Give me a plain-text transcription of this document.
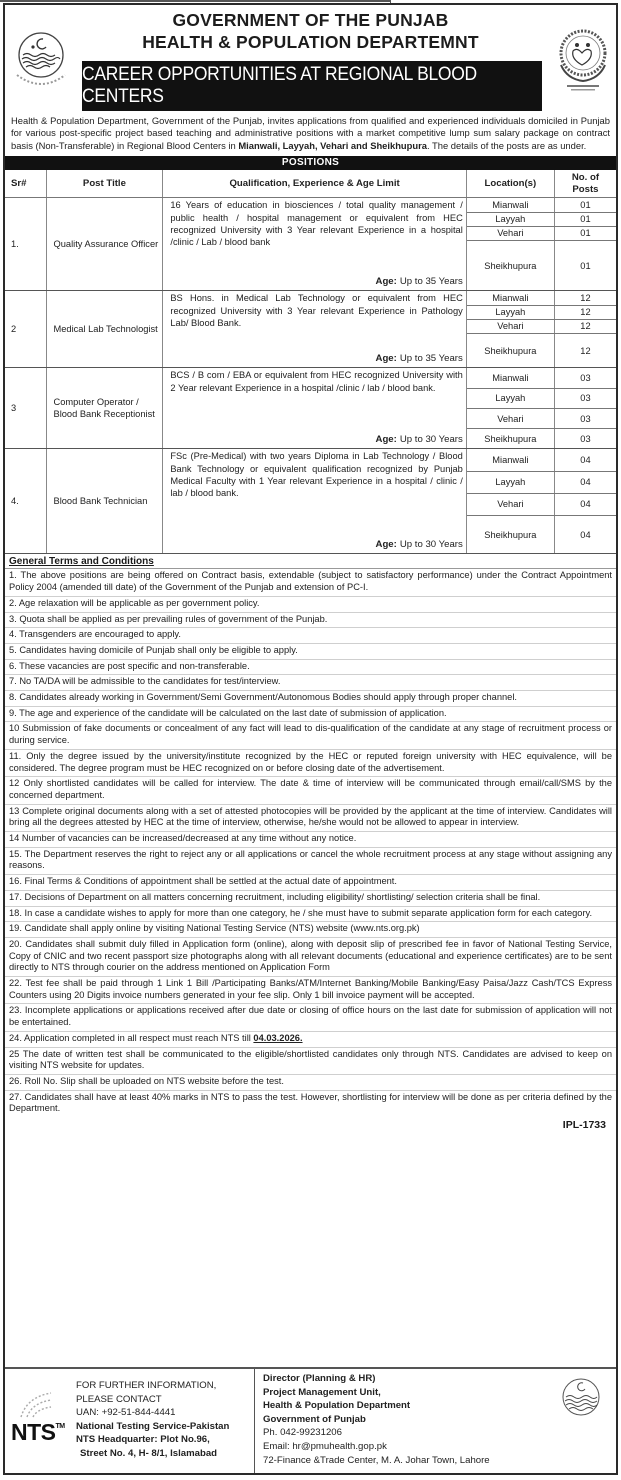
GOVERNMENT OF THE PUNJAB
HEALTH & POPULATION DEPARTEMNT
CAREER OPPORTUNITIES AT REGIONAL BLOOD CENTERS
Health & Population Department, Government of the Punjab, invites applications from qualified and experienced individuals domiciled in Punjab for various post-specific project based teaching and administrative positions with a market competitive lump sum salary package on contract basis (Non-Transferable) in Regional Blood Centers in Mianwali, Layyah, Vehari and Sheikhupura. The details of the posts are as under.
POSITIONS
Sr#	Post Title	Qualification, Experience & Age Limit	Location(s)	No. of Posts
1.	Quality Assurance Officer	16 Years of education in biosciences / total quality management / public health / hospital management or equivalent from HEC recognized University with 3 Year relevant Experience in a hospital /clinic / Lab / blood bank
Age: Up to 35 Years	Mianwali	01
			Layyah	01
			Vehari	01
			Sheikhupura	01
2	Medical Lab Technologist	BS Hons. in Medical Lab Technology or equivalent from HEC recognized University with 3 Year relevant Experience in Pathology Lab/ Blood Bank.
Age: Up to 35 Years	Mianwali	12
			Layyah	12
			Vehari	12
			Sheikhupura	12
3	Computer Operator / Blood Bank Receptionist	BCS / B com / EBA or equivalent from HEC recognized University with 2 Year relevant Experience in a hospital /clinic / lab / blood bank.
Age: Up to 30 Years	Mianwali	03
			Layyah	03
			Vehari	03
			Sheikhupura	03
4.	Blood Bank Technician	FSc (Pre-Medical) with two years Diploma in Lab Technology / Blood Bank Technology or equivalent qualification recognized by Punjab Medical Faculty with 1 Year relevant Experience in a hospital / clinic / lab / blood bank.
Age: Up to 30 Years	Mianwali	04
			Layyah	04
			Vehari	04
			Sheikhupura	04
General Terms and Conditions
1. The above positions are being offered on Contract basis, extendable (subject to satisfactory performance) under the Contract Appointment Policy 2004 (amended till date) of the Government of the Punjab and extension of PC-I.
2. Age relaxation will be applicable as per government policy.
3. Quota shall be applied as per prevailing rules of government of the Punjab.
4. Transgenders are encouraged to apply.
5. Candidates having domicile of Punjab shall only be eligible to apply.
6. These vacancies are post specific and non-transferable.
7. No TA/DA will be admissible to the candidates for test/interview.
8. Candidates already working in Government/Semi Government/Autonomous Bodies should apply through proper channel.
9. The age and experience of the candidate will be calculated on the last date of submission of application.
10 Submission of fake documents or concealment of any fact will lead to dis-qualification of the candidate at any stage of recruitment process or during service.
11. Only the degree issued by the university/institute recognized by the HEC or reputed foreign university with HEC equivalence, will be considered. The degree program must be HEC recognized on or before closing date of the advertisement.
12 Only shortlisted candidates will be called for interview. The date & time of interview will be communicated through email/call/SMS by the concerned department.
13 Complete original documents along with a set of attested photocopies will be provided by the applicant at the time of interview. Candidates will bring all the degrees attested by HEC at the time of interview, otherwise, he/she would not be allowed to appear in interview.
14 Number of vacancies can be increased/decreased at any time without any notice.
15. The Department reserves the right to reject any or all applications or cancel the whole recruitment process at any stage without assigning any reasons.
16. Final Terms & Conditions of appointment shall be settled at the actual date of appointment.
17. Decisions of Department on all matters concerning recruitment, including eligibility/ shortlisting/ selection criteria shall be final.
18. In case a candidate wishes to apply for more than one category, he / she must have to submit separate application form for each category.
19. Candidate shall apply online by visiting National Testing Service (NTS) website (www.nts.org.pk)
20. Candidates shall submit duly filled in Application form (online), along with deposit slip of prescribed fee in favor of National Testing Service, Copy of CNIC and two recent passport size photographs along with all relevant documents (educational and experience certificates) are to be sent directly to NTS through courier on the address mentioned on Application Form
22. Test fee shall be paid through 1 Link 1 Bill /Participating Banks/ATM/Internet Banking/Mobile Banking/Easy Paisa/Jazz Cash/TCS Express Counters using 20 Digits invoice numbers generated in your fee slip. Only 1 bill invoice payment will be accepted.
23. Incomplete applications or applications received after due date or closing of office hours on the last date for submission of application will not be entertained.
24. Application completed in all respect must reach NTS till 04.03.2026.
25 The date of written test shall be communicated to the eligible/shortlisted candidates only through NTS. Candidates are advised to keep on visiting NTS website for updates.
26. Roll No. Slip shall be uploaded on NTS website before the test.
27. Candidates shall have at least 40% marks in NTS to pass the test. However, shortlisting for interview will be done as per criteria defined by the Department.
IPL-1733
NTS™
FOR FURTHER INFORMATION,
PLEASE CONTACT
UAN: +92-51-844-4441
National Testing Service-Pakistan
NTS Headquarter: Plot No.96,
Street No. 4, H- 8/1, Islamabad
Director (Planning & HR)
Project Management Unit,
Health & Population Department
Government of Punjab
Ph. 042-99231206
Email: hr@pmuhealth.gop.pk
72-Finance &Trade Center, M. A. Johar Town, Lahore
